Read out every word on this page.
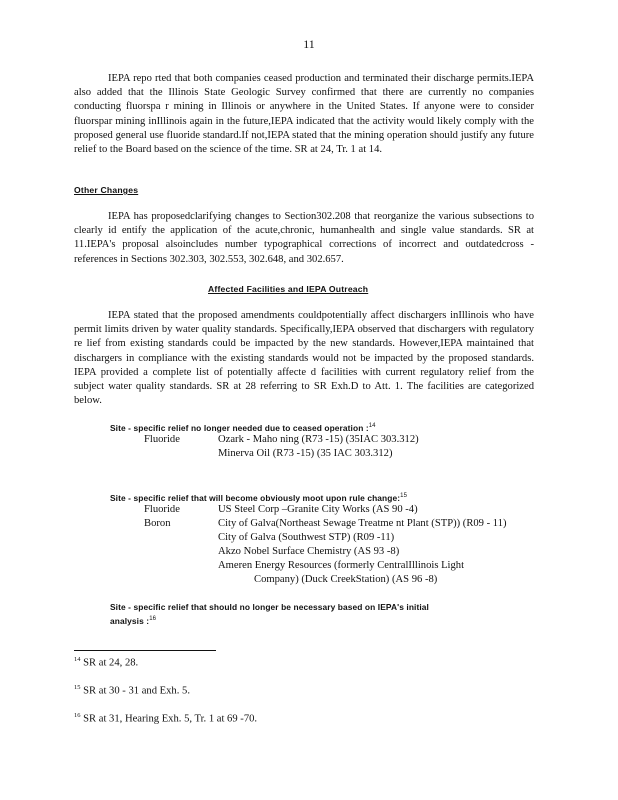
11

IEPA repo rted that both companies ceased production and terminated their discharge permits.IEPA also added that the Illinois State Geologic Survey confirmed that there are currently no companies conducting fluorspa r mining in Illinois or anywhere in the United States. If anyone were to consider fluorspar mining inIllinois again in the future,IEPA indicated that the activity would likely comply with the proposed general use fluoride standard.If not,IEPA stated that the mining operation should justify any future relief to the Board based on the science of the time. SR at 24, Tr. 1 at 14.

Other Changes

IEPA has proposedclarifying changes to Section302.208 that reorganize the various subsections to clearly id entify the application of the acute,chronic, humanhealth and single value standards. SR at 11.IEPA's proposal alsoincludes number typographical corrections of incorrect and outdatedcross - references in Sections 302.303, 302.553, 302.648, and 302.657.

Affected Facilities and IEPA Outreach

IEPA stated that the proposed amendments couldpotentially affect dischargers inIllinois who have permit limits driven by water quality standards. Specifically,IEPA observed that dischargers with regulatory re lief from existing standards could be impacted by the new standards. However,IEPA maintained that dischargers in compliance with the existing standards would not be impacted by the proposed standards. IEPA provided a complete list of potentially affecte d facilities with current regulatory relief from the subject water quality standards. SR at 28 referring to SR Exh.D to Att. 1. The facilities are categorized below.

Site - specific relief no longer needed due to ceased operation :$^{14}$
Fluoride	Ozark - Maho ning (R73 -15) (35IAC 303.312)
Minerva Oil (R73 -15) (35 IAC 303.312)
Site - specific relief that will become obviously moot upon rule change:$^{15}$
Fluoride
Boron
US Steel Corp –Granite City Works (AS 90 -4)
City of Galva(Northeast Sewage Treatme nt Plant (STP)) (R09 - 11)
City of Galva (Southwest STP) (R09 -11)
Akzo Nobel Surface Chemistry (AS 93 -8)
Ameren Energy Resources (formerly CentralIllinois Light
Company) (Duck CreekStation) (AS 96 -8)
Site - specific relief that should no longer be necessary based on IEPA's initial
analysis :$^{16}$
$^{14}$ SR at 24, 28.
$^{15}$ SR at 30 - 31 and Exh. 5.
$^{16}$ SR at 31, Hearing Exh. 5, Tr. 1 at 69 -70.
